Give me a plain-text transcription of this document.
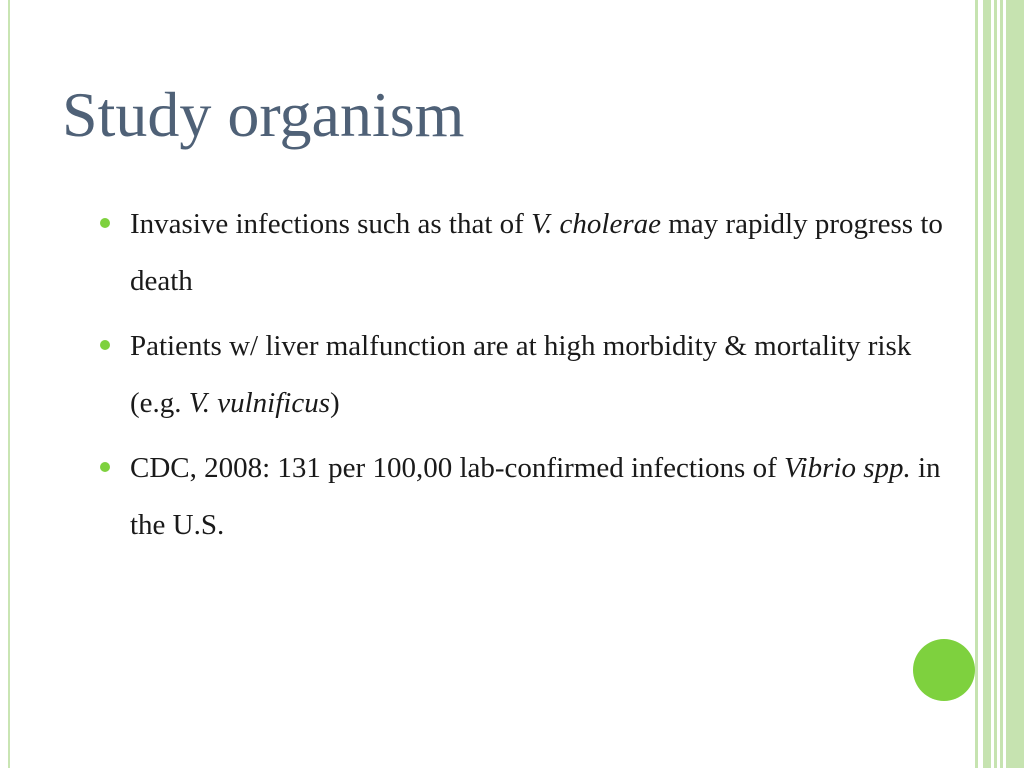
Study organism
Invasive infections such as that of V. cholerae may rapidly progress to death
Patients w/ liver malfunction are at high morbidity & mortality risk (e.g. V. vulnificus)
CDC, 2008: 131 per 100,00 lab-confirmed infections of Vibrio spp. in the U.S.
